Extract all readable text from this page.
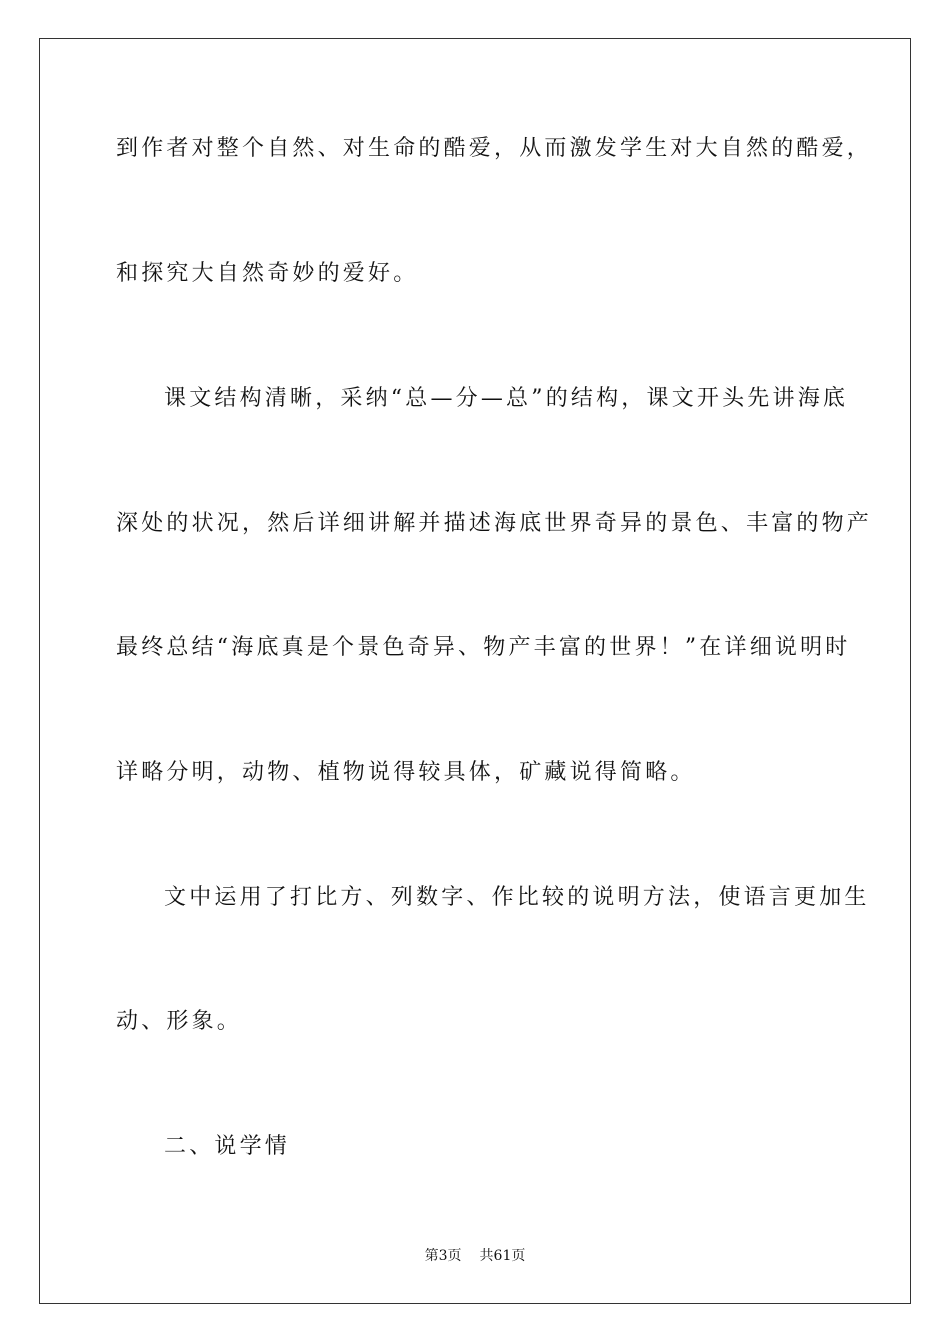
到作者对整个自然、对生命的酷爱，从而激发学生对大自然的酷爱，
和探究大自然奇妙的爱好。
课文结构清晰，采纳“总—分—总”的结构，课文开头先讲海底
深处的状况，然后详细讲解并描述海底世界奇异的景色、丰富的物产
最终总结“海底真是个景色奇异、物产丰富的世界！”在详细说明时
详略分明，动物、植物说得较具体，矿藏说得简略。
文中运用了打比方、列数字、作比较的说明方法，使语言更加生
动、形象。
二、说学情
第3页 共61页
